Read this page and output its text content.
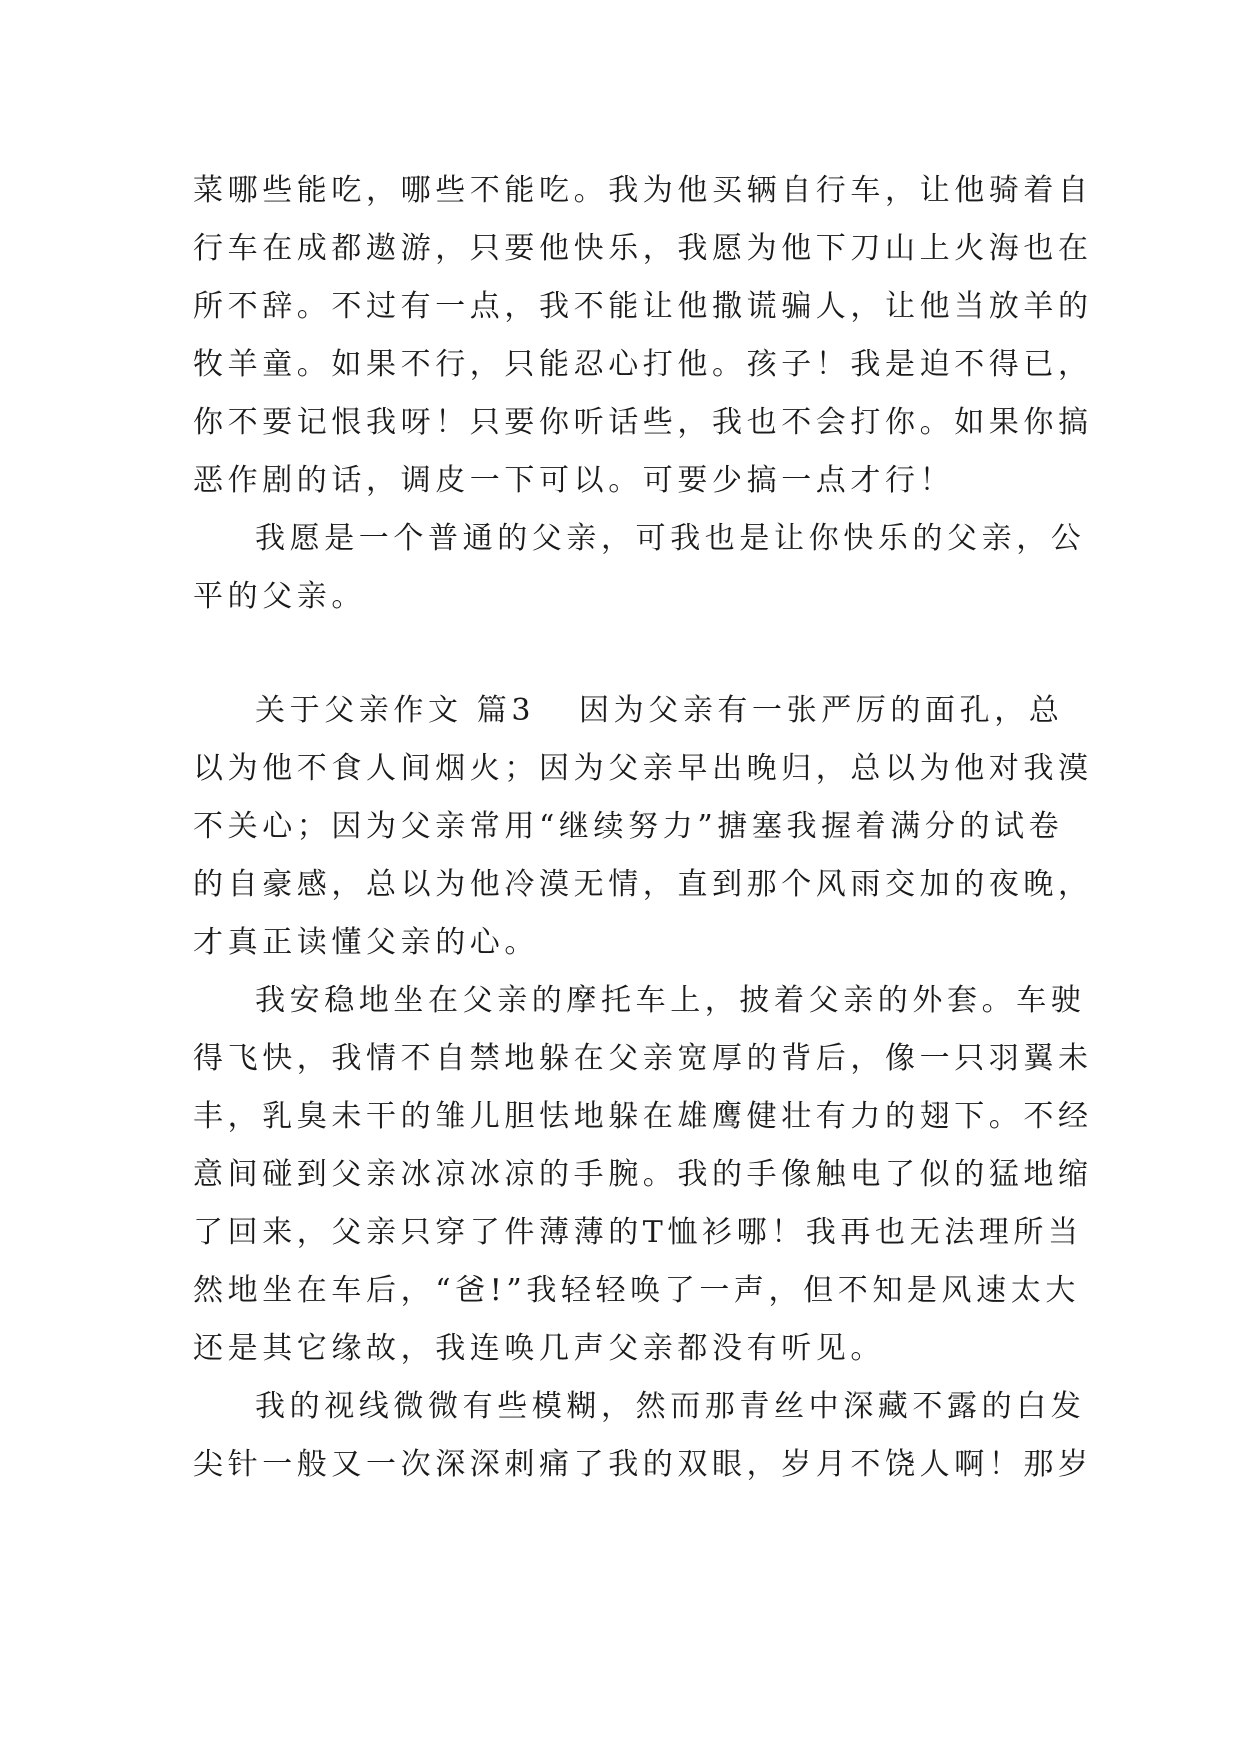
菜哪些能吃，哪些不能吃。我为他买辆自行车，让他骑着自
行车在成都遨游，只要他快乐，我愿为他下刀山上火海也在
所不辞。不过有一点，我不能让他撒谎骗人，让他当放羊的
牧羊童。如果不行，只能忍心打他。孩子！我是迫不得已，
你不要记恨我呀！只要你听话些，我也不会打你。如果你搞
恶作剧的话，调皮一下可以。可要少搞一点才行！
我愿是一个普通的父亲，可我也是让你快乐的父亲，公
平的父亲。
关于父亲作文 篇3 因为父亲有一张严厉的面孔，总
以为他不食人间烟火；因为父亲早出晚归，总以为他对我漠
不关心；因为父亲常用“继续努力”搪塞我握着满分的试卷
的自豪感，总以为他冷漠无情，直到那个风雨交加的夜晚，
才真正读懂父亲的心。
我安稳地坐在父亲的摩托车上，披着父亲的外套。车驶
得飞快，我情不自禁地躲在父亲宽厚的背后，像一只羽翼未
丰，乳臭未干的雏儿胆怯地躲在雄鹰健壮有力的翅下。不经
意间碰到父亲冰凉冰凉的手腕。我的手像触电了似的猛地缩
了回来，父亲只穿了件薄薄的T恤衫哪！我再也无法理所当
然地坐在车后，“爸!”我轻轻唤了一声，但不知是风速太大
还是其它缘故，我连唤几声父亲都没有听见。
我的视线微微有些模糊，然而那青丝中深藏不露的白发
尖针一般又一次深深刺痛了我的双眼，岁月不饶人啊！那岁
